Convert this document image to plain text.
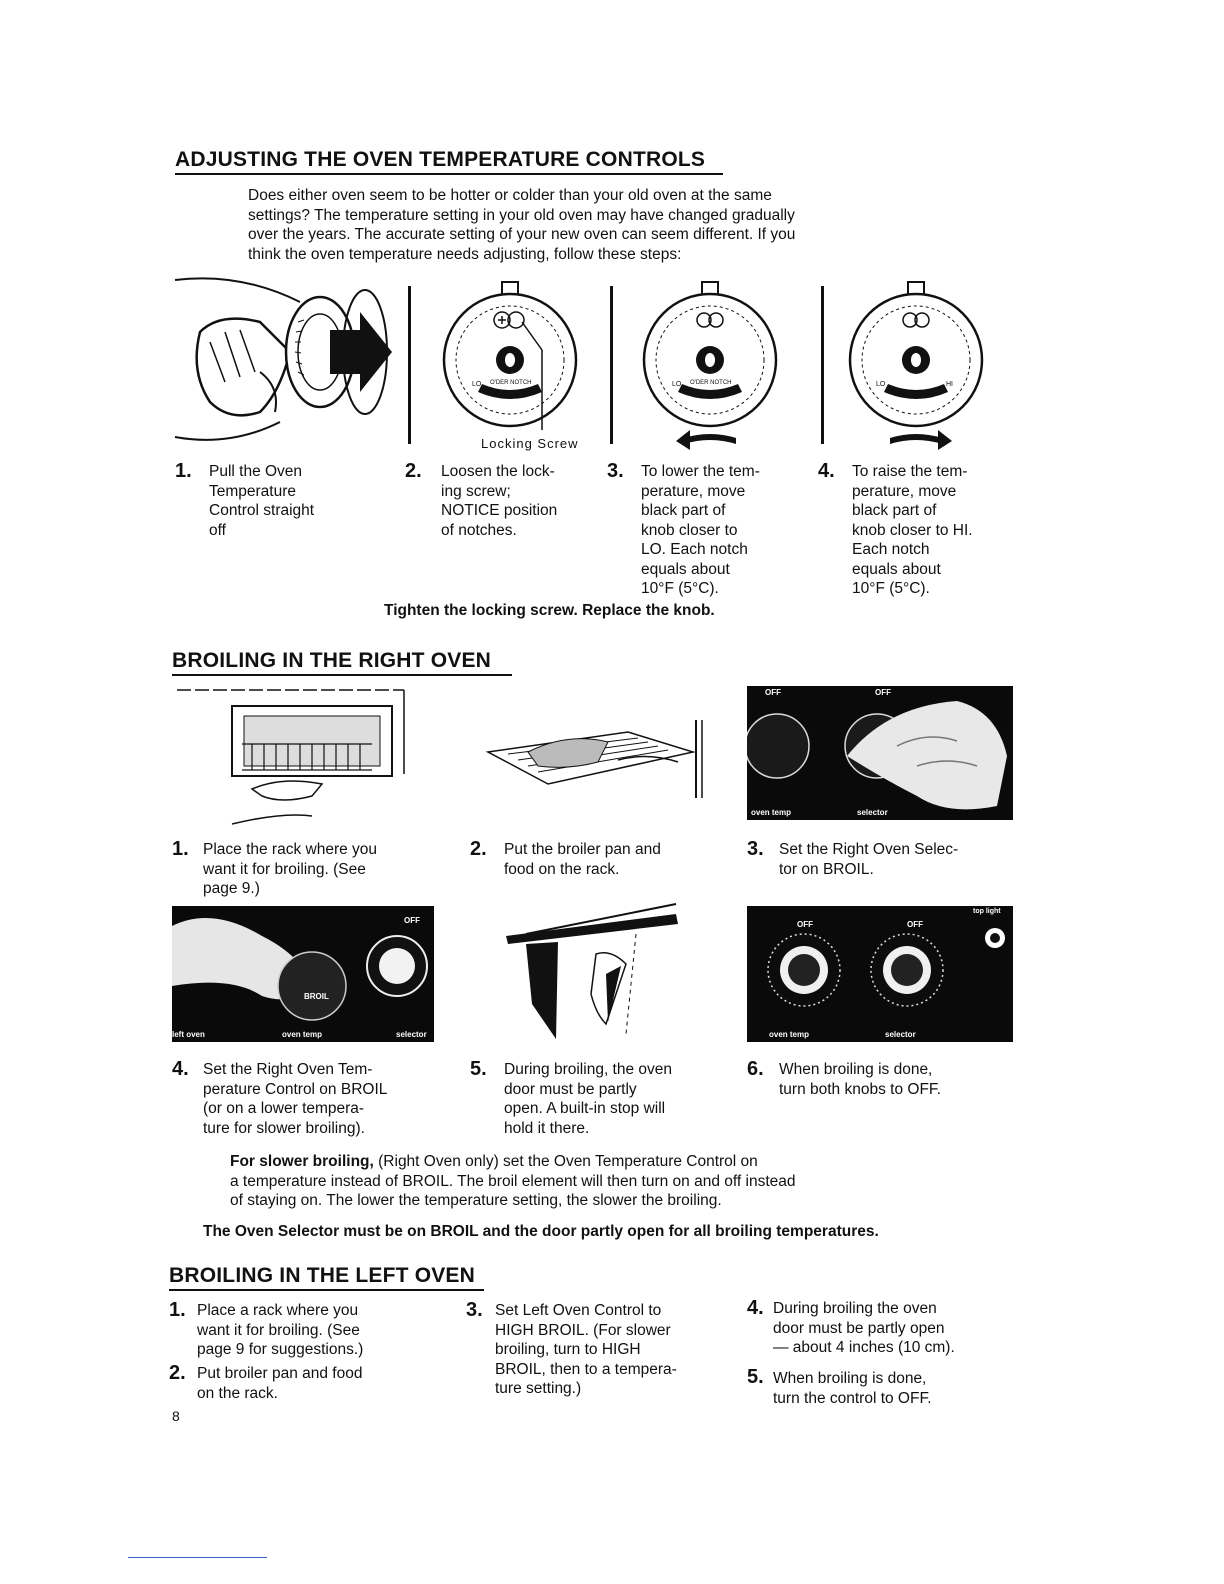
ADJUSTING THE OVEN TEMPERATURE CONTROLS
Does either oven seem to be hotter or colder than your old oven at the same
settings? The temperature setting in your old oven may have changed gradually
over the years. The accurate setting of your new oven can seem different. If you
think the oven temperature needs adjusting, follow these steps:
LO O'DER NOTCH
Locking Screw
LO O'DER NOTCH	LO	HI
1. Pull the Oven
Temperature
Control straight
off
2. Loosen the lock-
ing screw;
NOTICE position
of notches.
3. To lower the tem-
perature, move
black part of
knob closer to
LO. Each notch
equals about
10°F (5°C).
4. To raise the tem-
perature, move
black part of
knob closer to HI.
Each notch
equals about
10°F (5°C).
Tighten the locking screw. Replace the knob.
BROILING IN THE RIGHT OVEN
OFF	OFF
oven temp	selector
1. Place the rack where you
want it for broiling. (See
page 9.)
2. Put the broiler pan and
food on the rack.
3. Set the Right Oven Selec-
tor on BROIL.
OFF
BROIL
left oven	oven temp	selector
OFF	OFF
top light
oven temp	selector
4. Set the Right Oven Tem-
perature Control on BROIL
(or on a lower tempera-
ture for slower broiling).
5. During broiling, the oven
door must be partly
open. A built-in stop will
hold it there.
6. When broiling is done,
turn both knobs to OFF.
For slower broiling, (Right Oven only) set the Oven Temperature Control on
a temperature instead of BROIL. The broil element will then turn on and off instead
of staying on. The lower the temperature setting, the slower the broiling.
The Oven Selector must be on BROIL and the door partly open for all broiling temperatures.
BROILING IN THE LEFT OVEN
1. Place a rack where you
want it for broiling. (See
page 9 for suggestions.)
2. Put broiler pan and food
on the rack.
3. Set Left Oven Control to
HIGH BROIL. (For slower
broiling, turn to HIGH
BROIL, then to a tempera-
ture setting.)
4. During broiling the oven
door must be partly open
— about 4 inches (10 cm).
5. When broiling is done,
turn the control to OFF.
8
